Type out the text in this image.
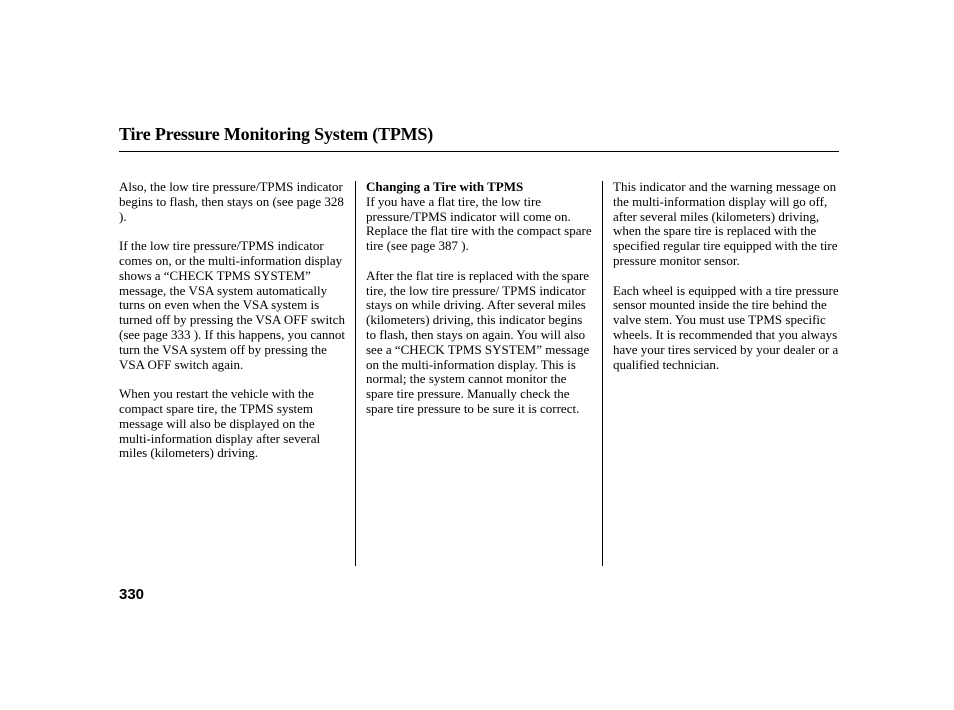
Tire Pressure Monitoring System (TPMS)

Also, the low tire pressure/TPMS indicator begins to flash, then stays on (see page 328 ).

If the low tire pressure/TPMS indicator comes on, or the multi-information display shows a “CHECK TPMS SYSTEM” message, the VSA system automatically turns on even when the VSA system is turned off by pressing the VSA OFF switch (see page 333 ). If this happens, you cannot turn the VSA system off by pressing the VSA OFF switch again.

When you restart the vehicle with the compact spare tire, the TPMS system message will also be displayed on the multi-information display after several miles (kilometers) driving.

Changing a Tire with TPMS
If you have a flat tire, the low tire pressure/TPMS indicator will come on. Replace the flat tire with the compact spare tire (see page 387 ).

After the flat tire is replaced with the spare tire, the low tire pressure/ TPMS indicator stays on while driving. After several miles (kilometers) driving, this indicator begins to flash, then stays on again. You will also see a “CHECK TPMS SYSTEM” message on the multi-information display. This is normal; the system cannot monitor the spare tire pressure. Manually check the spare tire pressure to be sure it is correct.

This indicator and the warning message on the multi-information display will go off, after several miles (kilometers) driving, when the spare tire is replaced with the specified regular tire equipped with the tire pressure monitor sensor.

Each wheel is equipped with a tire pressure sensor mounted inside the tire behind the valve stem. You must use TPMS specific wheels. It is recommended that you always have your tires serviced by your dealer or a qualified technician.

330
